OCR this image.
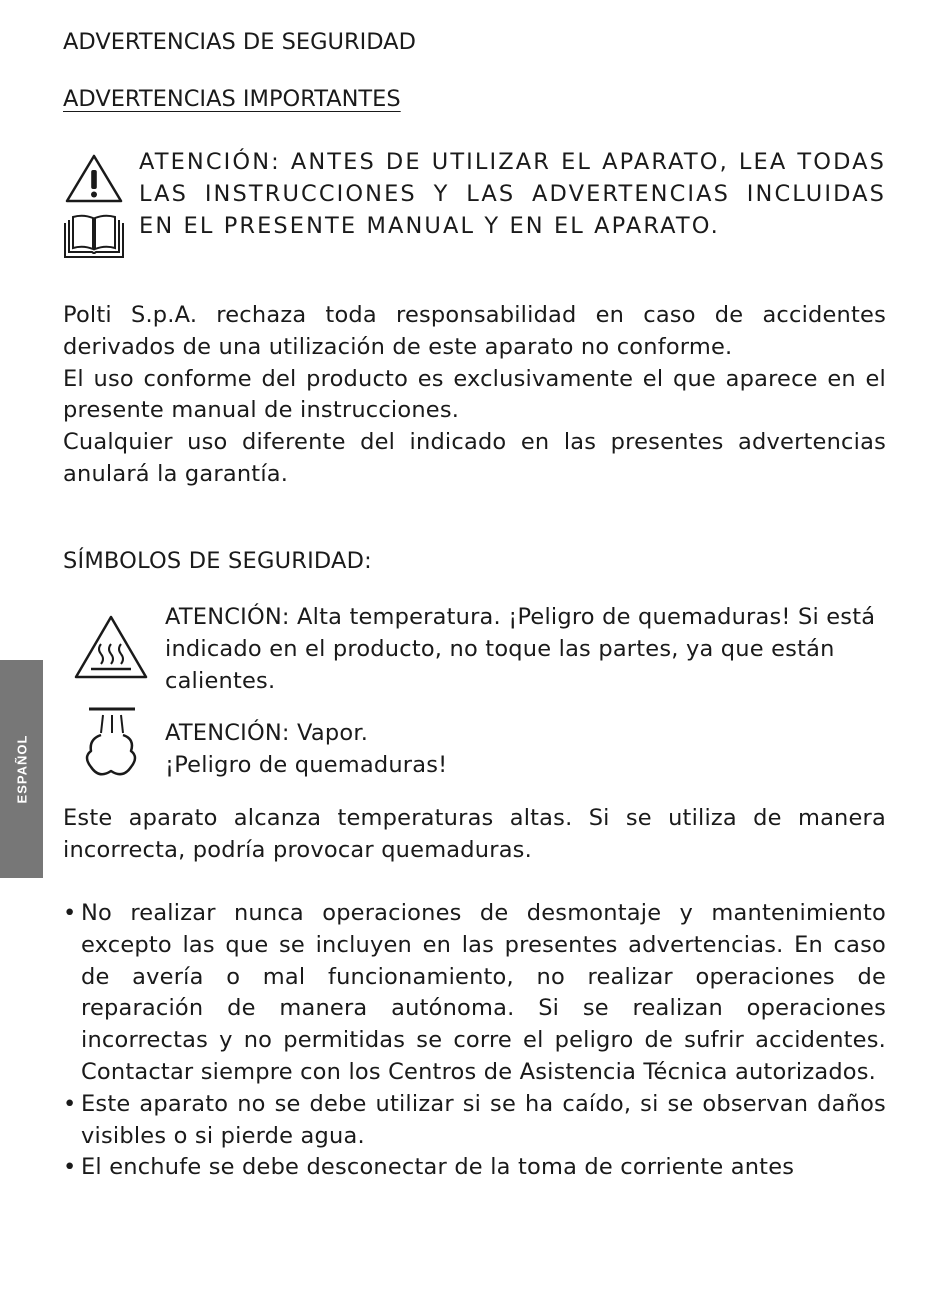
ESPAÑOL
ADVERTENCIAS DE SEGURIDAD
ADVERTENCIAS IMPORTANTES
ATENCIÓN: ANTES DE UTILIZAR EL APARATO, LEA TODAS LAS INSTRUCCIONES Y LAS ADVERTENCIAS INCLUIDAS EN EL PRESENTE MANUAL Y EN EL APARATO.
Polti S.p.A. rechaza toda responsabilidad en caso de accidentes derivados de una utilización de este aparato no conforme.
El uso conforme del producto es exclusivamente el que aparece en el presente manual de instrucciones.
Cualquier uso diferente del indicado en las presentes advertencias anulará la garantía.
SÍMBOLOS DE SEGURIDAD:
ATENCIÓN: Alta temperatura. ¡Peligro de quemaduras! Si está indicado en el producto, no toque las partes, ya que están calientes.
ATENCIÓN: Vapor.
¡Peligro de quemaduras!
Este aparato alcanza temperaturas altas. Si se utiliza de manera incorrecta, podría provocar quemaduras.
• No realizar nunca operaciones de desmontaje y mantenimiento excepto las que se incluyen en las presentes advertencias. En caso de avería o mal funcionamiento, no realizar operaciones de reparación de manera autónoma. Si se realizan operaciones incorrectas y no permitidas se corre el peligro de sufrir accidentes. Contactar siempre con los Centros de Asistencia Técnica autorizados.
• Este aparato no se debe utilizar si se ha caído, si se observan daños visibles o si pierde agua.
• El enchufe se debe desconectar de la toma de corriente antes
